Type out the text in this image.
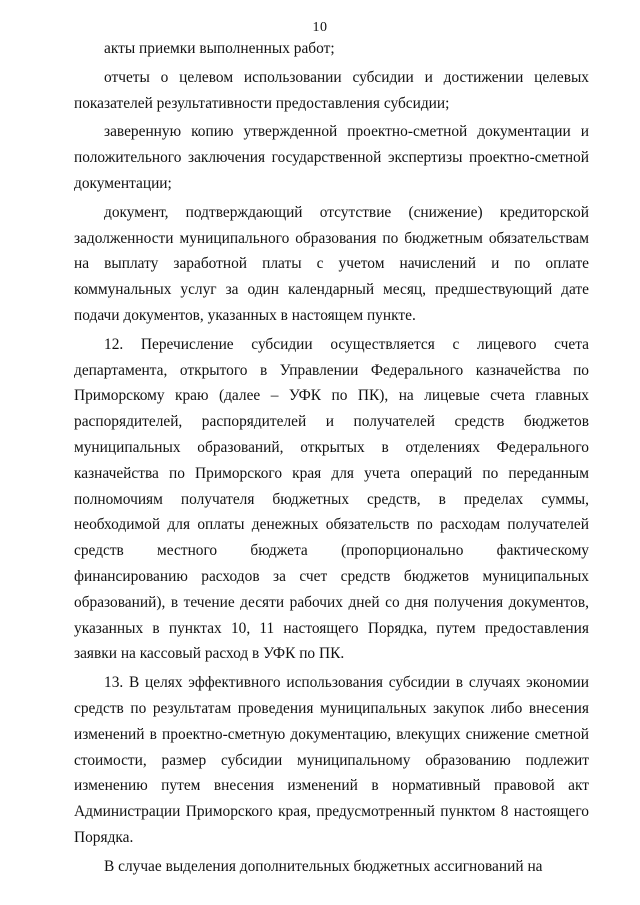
10

акты приемки выполненных работ;

отчеты о целевом использовании субсидии и достижении целевых показателей результативности предоставления субсидии;

заверенную копию утвержденной проектно-сметной документации и положительного заключения государственной экспертизы проектно-сметной документации;

документ, подтверждающий отсутствие (снижение) кредиторской задолженности муниципального образования по бюджетным обязательствам на выплату заработной платы с учетом начислений и по оплате коммунальных услуг за один календарный месяц, предшествующий дате подачи документов, указанных в настоящем пункте.

12. Перечисление субсидии осуществляется с лицевого счета департамента, открытого в Управлении Федерального казначейства по Приморскому краю (далее – УФК по ПК), на лицевые счета главных распорядителей, распорядителей и получателей средств бюджетов муниципальных образований, открытых в отделениях Федерального казначейства по Приморского края для учета операций по переданным полномочиям получателя бюджетных средств, в пределах суммы, необходимой для оплаты денежных обязательств по расходам получателей средств местного бюджета (пропорционально фактическому финансированию расходов за счет средств бюджетов муниципальных образований), в течение десяти рабочих дней со дня получения документов, указанных в пунктах 10, 11 настоящего Порядка, путем предоставления заявки на кассовый расход в УФК по ПК.

13. В целях эффективного использования субсидии в случаях экономии средств по результатам проведения муниципальных закупок либо внесения изменений в проектно-сметную документацию, влекущих снижение сметной стоимости, размер субсидии муниципальному образованию подлежит изменению путем внесения изменений в нормативный правовой акт Администрации Приморского края, предусмотренный пунктом 8 настоящего Порядка.

В случае выделения дополнительных бюджетных ассигнований на
